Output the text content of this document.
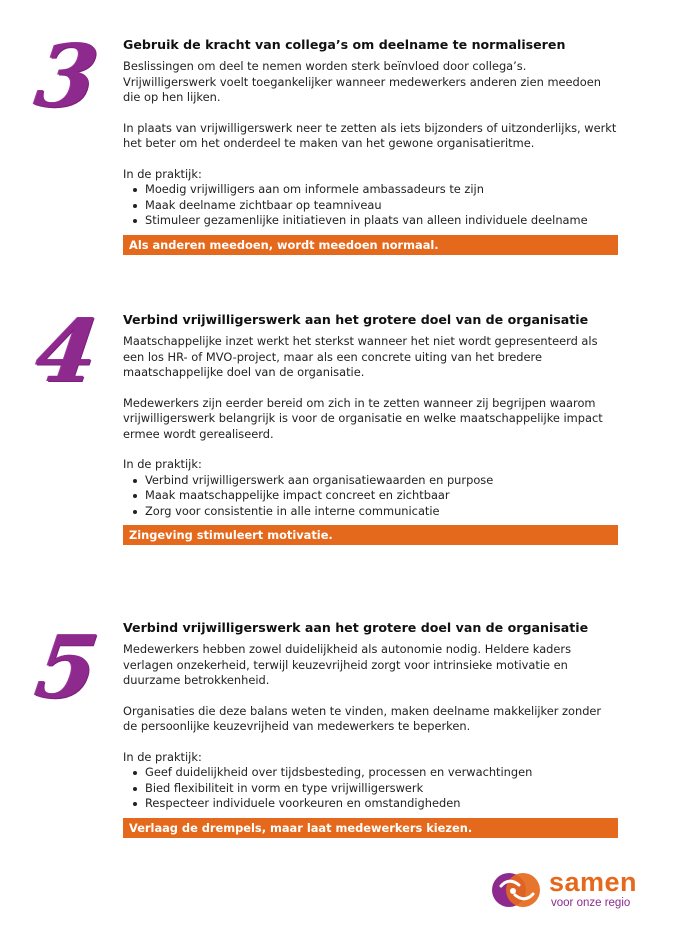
3 Gebruik de kracht van collega’s om deelname te normaliseren

Beslissingen om deel te nemen worden sterk beïnvloed door collega’s. Vrijwilligerswerk voelt toegankelijker wanneer medewerkers anderen zien meedoen die op hen lijken.

In plaats van vrijwilligerswerk neer te zetten als iets bijzonders of uitzonderlijks, werkt het beter om het onderdeel te maken van het gewone organisatieritme.

In de praktijk:
Moedig vrijwilligers aan om informele ambassadeurs te zijn
Maak deelname zichtbaar op teamniveau
Stimuleer gezamenlijke initiatieven in plaats van alleen individuele deelname
Als anderen meedoen, wordt meedoen normaal.
4 Verbind vrijwilligerswerk aan het grotere doel van de organisatie

Maatschappelijke inzet werkt het sterkst wanneer het niet wordt gepresenteerd als een los HR- of MVO-project, maar als een concrete uiting van het bredere maatschappelijke doel van de organisatie.

Medewerkers zijn eerder bereid om zich in te zetten wanneer zij begrijpen waarom vrijwilligerswerk belangrijk is voor de organisatie en welke maatschappelijke impact ermee wordt gerealiseerd.

In de praktijk:
Verbind vrijwilligerswerk aan organisatiewaarden en purpose
Maak maatschappelijke impact concreet en zichtbaar
Zorg voor consistentie in alle interne communicatie
Zingeving stimuleert motivatie.
5 Verbind vrijwilligerswerk aan het grotere doel van de organisatie

Medewerkers hebben zowel duidelijkheid als autonomie nodig. Heldere kaders verlagen onzekerheid, terwijl keuzevrijheid zorgt voor intrinsieke motivatie en duurzame betrokkenheid.

Organisaties die deze balans weten te vinden, maken deelname makkelijker zonder de persoonlijke keuzevrijheid van medewerkers te beperken.

In de praktijk:
Geef duidelijkheid over tijdsbesteding, processen en verwachtingen
Bied flexibiliteit in vorm en type vrijwilligerswerk
Respecteer individuele voorkeuren en omstandigheden
Verlaag de drempels, maar laat medewerkers kiezen.
samen
voor onze regio
